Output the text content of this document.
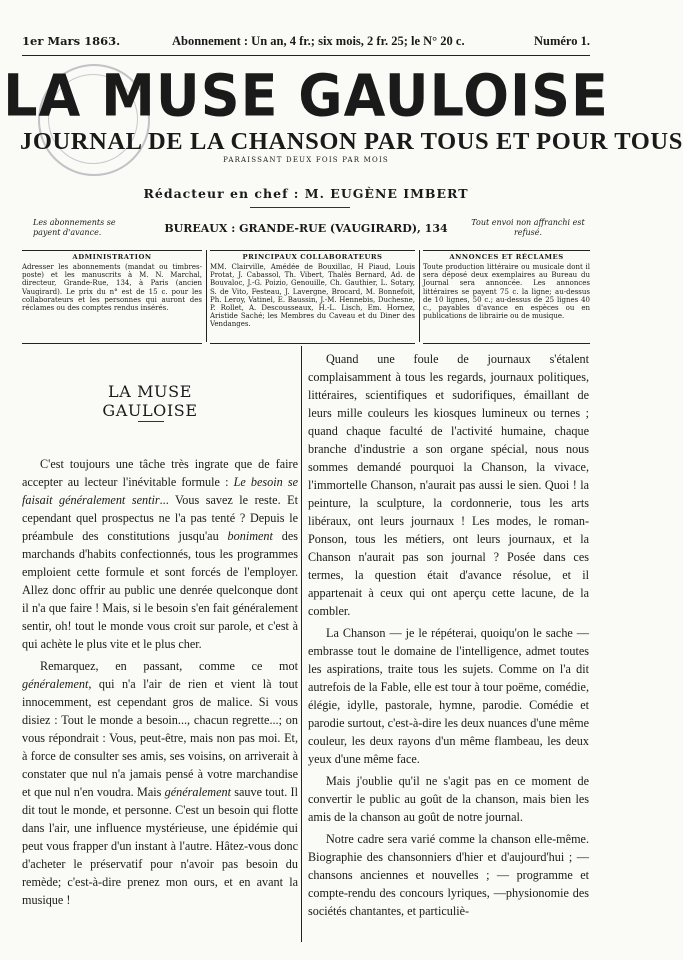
1er Mars 1863.	Abonnement : Un an, 4 fr.; six mois, 2 fr. 25; le N° 20 c.	Numéro 1.
LA MUSE GAULOISE
JOURNAL DE LA CHANSON PAR TOUS ET POUR TOUS
PARAISSANT DEUX FOIS PAR MOIS
Rédacteur en chef : M. EUGÈNE IMBERT
Les abonnements se payent d'avance.	BUREAUX : GRANDE-RUE (VAUGIRARD), 134	Tout envoi non affranchi est refusé.
ADMINISTRATION

Adresser les abonnements (mandat ou timbres-poste) et les manuscrits à M. N. Marchal, directeur, Grande-Rue, 134, à Paris (ancien Vaugirard). Le prix du n° est de 15 c. pour les collaborateurs et les personnes qui auront des réclames ou des comptes rendus insérés.

PRINCIPAUX COLLABORATEURS

MM. Clairville, Amédée de Bouxillac, H Piaud, Louis Protat, J. Cabassol, Th. Vibert, Thalès Bernard, Ad. de Bouvaloc, J.-G. Poizio, Genouille, Ch. Gauthier, L. Sotary, S. de Vito, Festeau, J. Lavergne, Brocard, M. Bonnefoit, Ph. Leroy, Vatinel, E. Baussin, J.-M. Hennebis, Duchesne, P. Rollet, A. Descousseaux, H.-L. Lisch, Em. Hornez, Aristide Saché; les Membres du Caveau et du Diner des Vendanges.

ANNONCES ET RÉCLAMES

Toute production littéraire ou musicale dont il sera déposé deux exemplaires au Bureau du Journal sera annoncée. Les annonces littéraires se payent 75 c. la ligne; au-dessus de 10 lignes, 50 c.; au-dessus de 25 lignes 40 c., payables d'avance en espèces ou en publications de librairie ou de musique.

LA MUSE GAULOISE

C'est toujours une tâche très ingrate que de faire accepter au lecteur l'inévitable formule : Le besoin se faisait généralement sentir... Vous savez le reste. Et cependant quel prospectus ne l'a pas tenté ? Depuis le préambule des constitutions jusqu'au boniment des marchands d'habits confectionnés, tous les programmes emploient cette formule et sont forcés de l'employer. Allez donc offrir au public une denrée quelconque dont il n'a que faire ! Mais, si le besoin s'en fait généralement sentir, oh! tout le monde vous croit sur parole, et c'est à qui achète le plus vite et le plus cher.

Remarquez, en passant, comme ce mot généralement, qui n'a l'air de rien et vient là tout innocemment, est cependant gros de malice. Si vous disiez : Tout le monde a besoin..., chacun regrette...; on vous répondrait : Vous, peut-être, mais non pas moi. Et, à force de consulter ses amis, ses voisins, on arriverait à constater que nul n'a jamais pensé à votre marchandise et que nul n'en voudra. Mais généralement sauve tout. Il dit tout le monde, et personne. C'est un besoin qui flotte dans l'air, une influence mystérieuse, une épidémie qui peut vous frapper d'un instant à l'autre. Hâtez-vous donc d'acheter le préservatif pour n'avoir pas besoin du remède; c'est-à-dire prenez mon ours, et en avant la musique !

Quand une foule de journaux s'étalent complaisamment à tous les regards, journaux politiques, littéraires, scientifiques et sudorifiques, émaillant de leurs mille couleurs les kiosques lumineux ou ternes ; quand chaque faculté de l'activité humaine, chaque branche d'industrie a son organe spécial, nous nous sommes demandé pourquoi la Chanson, la vivace, l'immortelle Chanson, n'aurait pas aussi le sien. Quoi ! la peinture, la sculpture, la cordonnerie, tous les arts libéraux, ont leurs journaux ! Les modes, le roman-Ponson, tous les métiers, ont leurs journaux, et la Chanson n'aurait pas son journal ? Posée dans ces termes, la question était d'avance résolue, et il appartenait à ceux qui ont aperçu cette lacune, de la combler.

La Chanson — je le répéterai, quoiqu'on le sache — embrasse tout le domaine de l'intelligence, admet toutes les aspirations, traite tous les sujets. Comme on l'a dit autrefois de la Fable, elle est tour à tour poëme, comédie, élégie, idylle, pastorale, hymne, parodie. Comédie et parodie surtout, c'est-à-dire les deux nuances d'une même couleur, les deux rayons d'un même flambeau, les deux yeux d'une même face.

Mais j'oublie qu'il ne s'agit pas en ce moment de convertir le public au goût de la chanson, mais bien les amis de la chanson au goût de notre journal.

Notre cadre sera varié comme la chanson elle-même. Biographie des chansonniers d'hier et d'aujourd'hui ; — chansons anciennes et nouvelles ; — programme et compte-rendu des concours lyriques, —physionomie des sociétés chantantes, et particuliè-
